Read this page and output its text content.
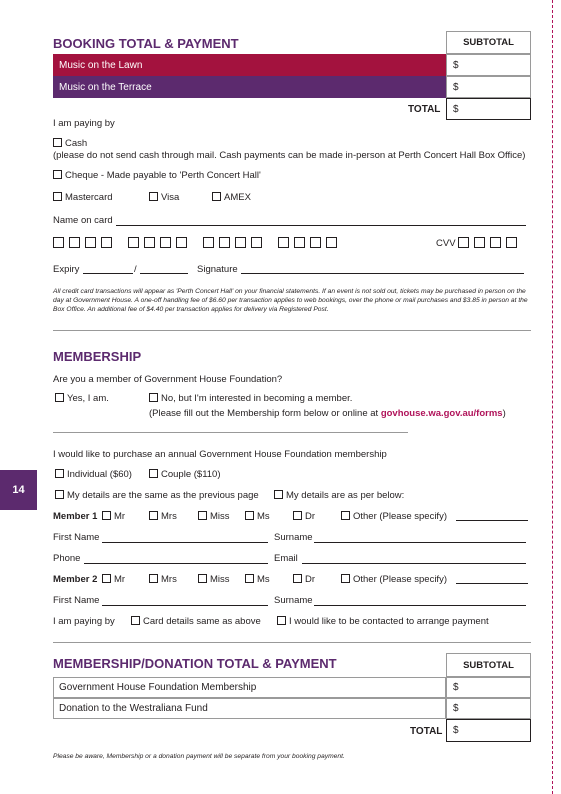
14
BOOKING TOTAL & PAYMENT	SUBTOTAL
Music on the Lawn	$
Music on the Terrace	$
TOTAL $
I am paying by
Cash
(please do not send cash through mail. Cash payments can be made in-person at Perth Concert Hall Box Office)
Cheque - Made payable to 'Perth Concert Hall'
Mastercard	Visa	AMEX
Name on card
CVV
Expiry	/	Signature
All credit card transactions will appear as 'Perth Concert Hall' on your financial statements. If an event is not sold out, tickets may be purchased in person on the day at Government House. A one-off handling fee of $6.60 per transaction applies to web bookings, over the phone or mail purchases and $3.85 in person at the Box Office. An additional fee of $4.40 per transaction applies for delivery via Registered Post.
MEMBERSHIP
Are you a member of Government House Foundation?
Yes, I am.	No, but I'm interested in becoming a member.
(Please fill out the Membership form below or online at govhouse.wa.gov.au/forms)
I would like to purchase an annual Government House Foundation membership
Individual ($60)	Couple ($110)
My details are the same as the previous page	My details are as per below:
Member 1	Mr	Mrs	Miss	Ms	Dr	Other (Please specify)
First Name	Surname
Phone	Email
Member 2	Mr	Mrs	Miss	Ms	Dr	Other (Please specify)
First Name	Surname
I am paying by	Card details same as above	I would like to be contacted to arrange payment
MEMBERSHIP/DONATION TOTAL & PAYMENT	SUBTOTAL
Government House Foundation Membership	$
Donation to the Westraliana Fund	$
TOTAL $
Please be aware, Membership or a donation payment will be separate from your booking payment.
